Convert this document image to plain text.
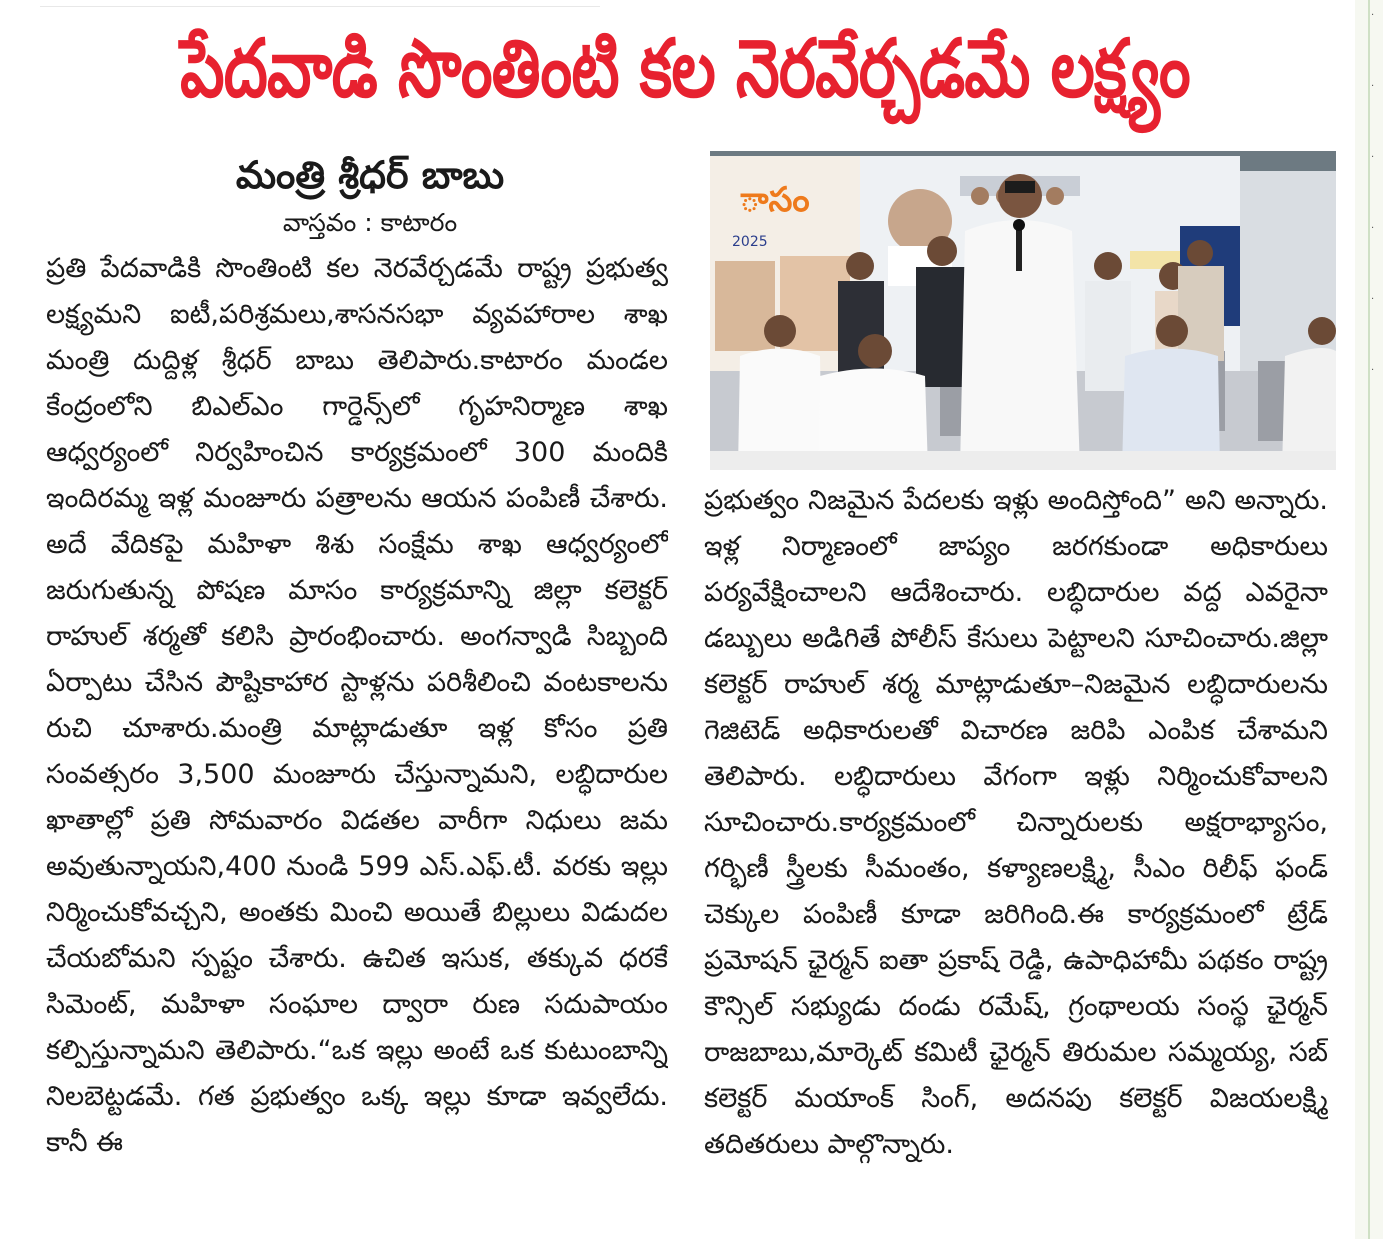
·
·
·
·
·
·
పేదవాడి సొంతింటి కల నెరవేర్చడమే లక్ష్యం
మంత్రి శ్రీధర్ బాబు
వాస్తవం : కాటారం

ప్రతి పేదవాడికి సొంతింటి కల నెరవేర్చడమే రాష్ట్ర ప్రభుత్వ లక్ష్యమని ఐటీ,పరిశ్రమలు,శాసనసభా వ్యవహారాల శాఖ మంత్రి దుద్దిళ్ల శ్రీధర్ బాబు తెలిపారు.కాటారం మండల కేంద్రంలోని బిఎల్ఎం గార్డెన్స్‌లో గృహనిర్మాణ శాఖ ఆధ్వర్యంలో నిర్వహించిన కార్యక్రమంలో 300 మందికి ఇందిరమ్మ ఇళ్ల మంజూరు పత్రాలను ఆయన పంపిణీ చేశారు. అదే వేదికపై మహిళా శిశు సంక్షేమ శాఖ ఆధ్వర్యంలో జరుగుతున్న పోషణ మాసం కార్యక్రమాన్ని జిల్లా కలెక్టర్ రాహుల్ శర్మతో కలిసి ప్రారంభించారు. అంగన్వాడి సిబ్బంది ఏర్పాటు చేసిన పౌష్టికాహార స్టాళ్లను పరిశీలించి వంటకాలను రుచి చూశారు.మంత్రి మాట్లాడుతూ ఇళ్ల కోసం ప్రతి సంవత్సరం 3,500 మంజూరు చేస్తున్నామని, లబ్ధిదారుల ఖాతాల్లో ప్రతి సోమవారం విడతల వారీగా నిధులు జమ అవుతున్నాయని,400 నుండి 599 ఎస్.ఎఫ్.టీ. వరకు ఇల్లు నిర్మించుకోవచ్చని, అంతకు మించి అయితే బిల్లులు విడుదల చేయబోమని స్పష్టం చేశారు. ఉచిత ఇసుక, తక్కువ ధరకే సిమెంట్, మహిళా సంఘాల ద్వారా రుణ సదుపాయం కల్పిస్తున్నామని తెలిపారు.“ఒక ఇల్లు అంటే ఒక కుటుంబాన్ని నిలబెట్టడమే. గత ప్రభుత్వం ఒక్క ఇల్లు కూడా ఇవ్వలేదు. కానీ ఈ

ాసం
2025

ప్రభుత్వం నిజమైన పేదలకు ఇళ్లు అందిస్తోంది” అని అన్నారు. ఇళ్ల నిర్మాణంలో జాప్యం జరగకుండా అధికారులు పర్యవేక్షించాలని ఆదేశించారు. లబ్ధిదారుల వద్ద ఎవరైనా డబ్బులు అడిగితే పోలీస్ కేసులు పెట్టాలని సూచించారు.జిల్లా కలెక్టర్ రాహుల్ శర్మ మాట్లాడుతూ–నిజమైన లబ్ధిదారులను గెజిటెడ్ అధికారులతో విచారణ జరిపి ఎంపిక చేశామని తెలిపారు. లబ్ధిదారులు వేగంగా ఇళ్లు నిర్మించుకోవాలని సూచించారు.కార్యక్రమంలో చిన్నారులకు అక్షరాభ్యాసం, గర్భిణీ స్త్రీలకు సీమంతం, కళ్యాణలక్ష్మి, సీఎం రిలీఫ్ ఫండ్ చెక్కుల పంపిణీ కూడా జరిగింది.ఈ కార్యక్రమంలో ట్రేడ్ ప్రమోషన్ ఛైర్మన్ ఐతా ప్రకాష్ రెడ్డి, ఉపాధిహామీ పథకం రాష్ట్ర కౌన్సిల్ సభ్యుడు దండు రమేష్, గ్రంథాలయ సంస్థ ఛైర్మన్ రాజబాబు,మార్కెట్ కమిటీ ఛైర్మన్ తిరుమల సమ్మయ్య, సబ్ కలెక్టర్ మయాంక్ సింగ్, అదనపు కలెక్టర్ విజయలక్ష్మి తదితరులు పాల్గొన్నారు.
